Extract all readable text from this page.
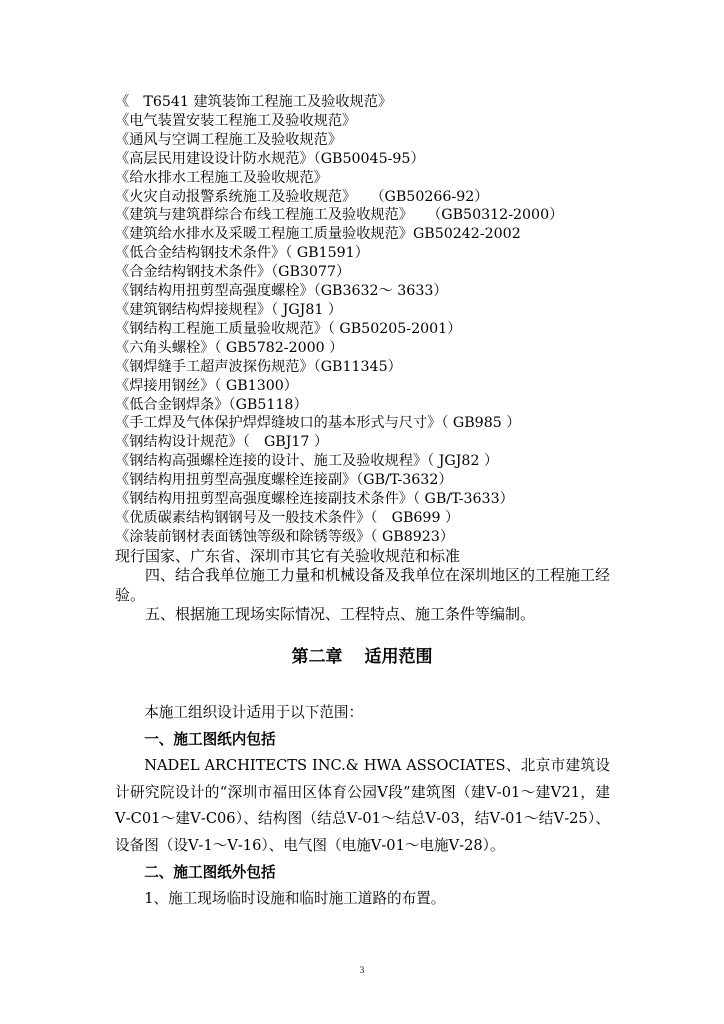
《　T6541 建筑装饰工程施工及验收规范》
《电气装置安装工程施工及验收规范》
《通风与空调工程施工及验收规范》
《高层民用建设设计防水规范》（GB50045-95）
《给水排水工程施工及验收规范》
《火灾自动报警系统施工及验收规范》　　（GB50266-92）
《建筑与建筑群综合布线工程施工及验收规范》　　（GB50312-2000）
《建筑给水排水及采暖工程施工质量验收规范》GB50242-2002
《低合金结构钢技术条件》（ GB1591）
《合金结构钢技术条件》（GB3077）
《钢结构用扭剪型高强度螺栓》（GB3632～ 3633）
《建筑钢结构焊接规程》（ JGJ81 ）
《钢结构工程施工质量验收规范》（ GB50205-2001）
《六角头螺栓》（ GB5782-2000 ）
《钢焊缝手工超声波探伤规范》（GB11345）
《焊接用钢丝》（ GB1300）
《低合金钢焊条》（GB5118）
《手工焊及气体保护焊焊缝坡口的基本形式与尺寸》（ GB985 ）
《钢结构设计规范》（　GBJ17 ）
《钢结构高强螺栓连接的设计、施工及验收规程》（ JGJ82 ）
《钢结构用扭剪型高强度螺栓连接副》（GB/T-3632）
《钢结构用扭剪型高强度螺栓连接副技术条件》（ GB/T-3633）
《优质碳素结构钢钢号及一般技术条件》（　GB699 ）
《涂装前钢材表面锈蚀等级和除锈等级》（ GB8923）
现行国家、广东省、深圳市其它有关验收规范和标准
四、结合我单位施工力量和机械设备及我单位在深圳地区的工程施工经验。
五、根据施工现场实际情况、工程特点、施工条件等编制。
第二章 适用范围
本施工组织设计适用于以下范围：
一、施工图纸内包括
NADEL ARCHITECTS INC.& HWA ASSOCIATES、北京市建筑设计研究院设计的“深圳市福田区体育公园Ⅴ段”建筑图（建Ⅴ-01～建Ⅴ21，建Ⅴ-C01～建Ⅴ-C06）、结构图（结总Ⅴ-01～结总Ⅴ-03，结Ⅴ-01～结Ⅴ-25）、设备图（设Ⅴ-1～Ⅴ-16）、电气图（电施Ⅴ-01～电施Ⅴ-28）。
二、施工图纸外包括
1、施工现场临时设施和临时施工道路的布置。
3
